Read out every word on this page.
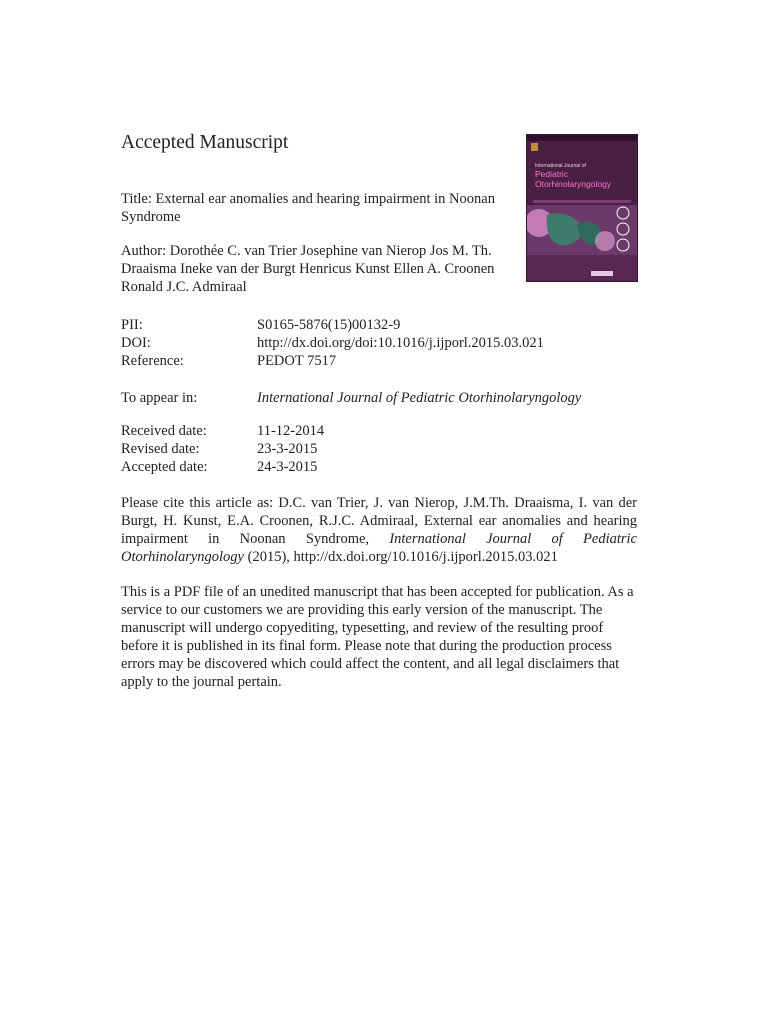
Accepted Manuscript
Title: External ear anomalies and hearing impairment in Noonan Syndrome
Author: Dorothée C. van Trier Josephine van Nierop Jos M. Th. Draaisma Ineke van der Burgt Henricus Kunst Ellen A. Croonen Ronald J.C. Admiraal
PII:	S0165-5876(15)00132-9
DOI:	http://dx.doi.org/doi:10.1016/j.ijporl.2015.03.021
Reference:	PEDOT 7517
To appear in:	International Journal of Pediatric Otorhinolaryngology
Received date:	11-12-2014
Revised date:	23-3-2015
Accepted date:	24-3-2015

Please cite this article as: D.C. van Trier, J. van Nierop, J.M.Th. Draaisma, I. van der Burgt, H. Kunst, E.A. Croonen, R.J.C. Admiraal, External ear anomalies and hearing impairment in Noonan Syndrome, International Journal of Pediatric Otorhinolaryngology (2015), http://dx.doi.org/10.1016/j.ijporl.2015.03.021

This is a PDF file of an unedited manuscript that has been accepted for publication. As a service to our customers we are providing this early version of the manuscript. The manuscript will undergo copyediting, typesetting, and review of the resulting proof before it is published in its final form. Please note that during the production process errors may be discovered which could affect the content, and all legal disclaimers that apply to the journal pertain.

International Journal of
Pediatric
Otorhinolaryngology
